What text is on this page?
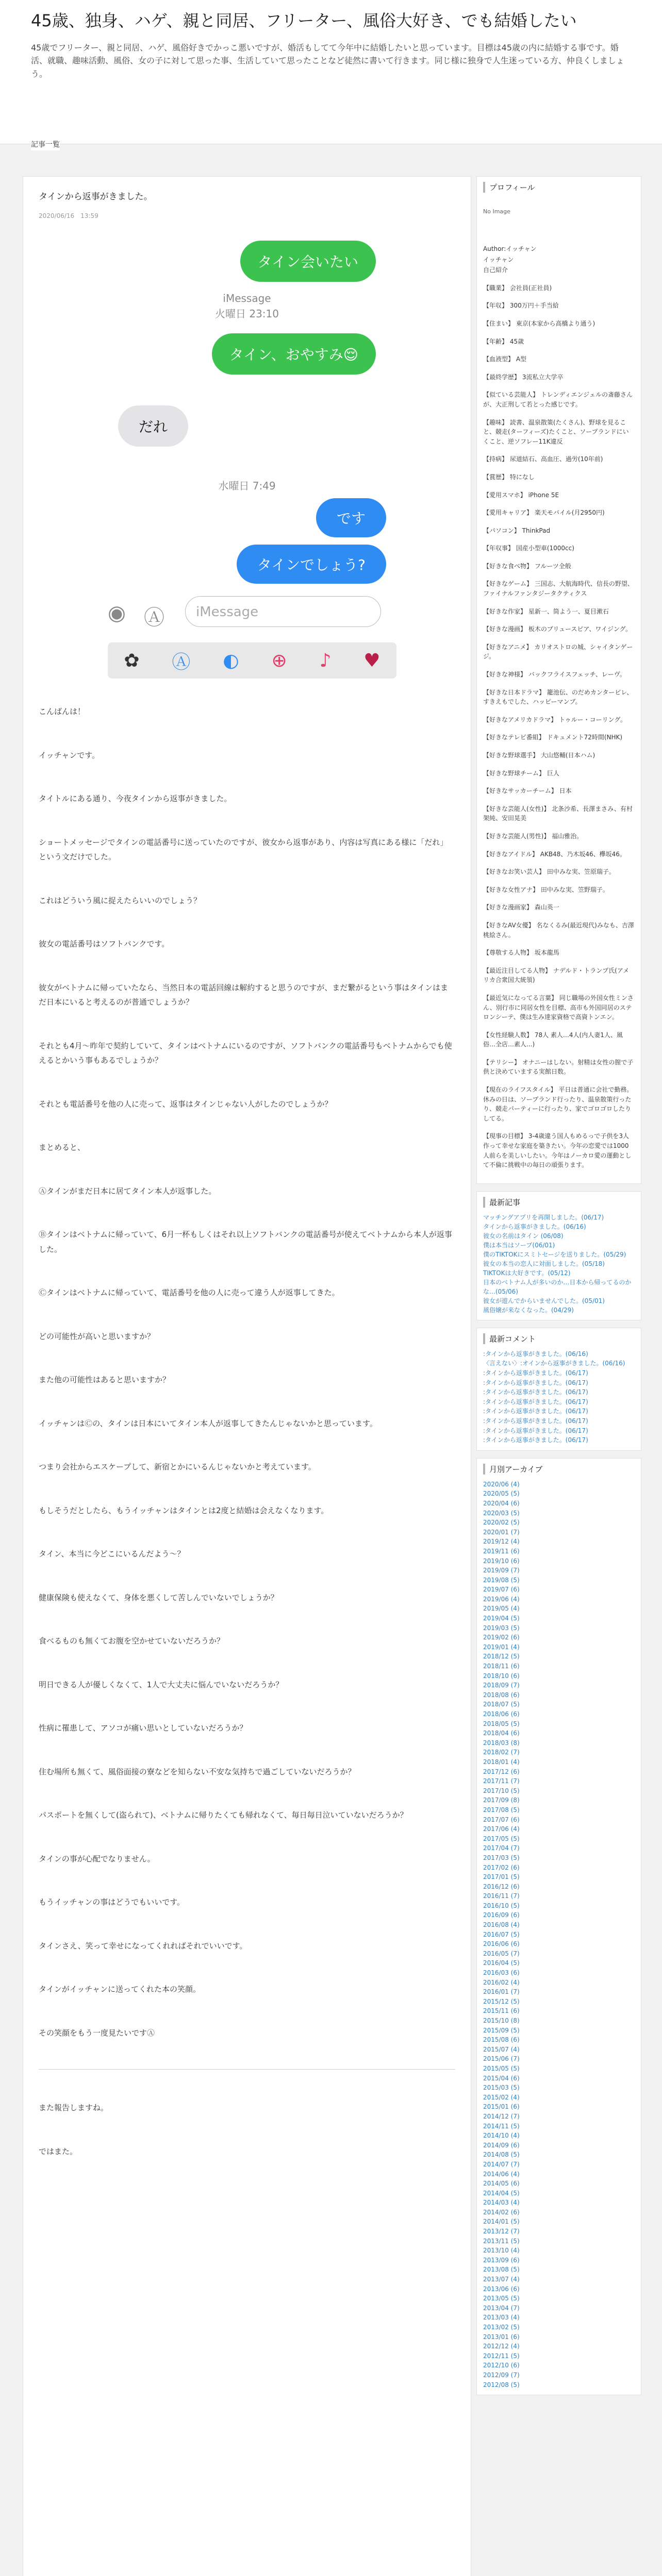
45歳、独身、ハゲ、親と同居、フリーター、風俗大好き、でも結婚したい
45歳でフリーター、親と同居、ハゲ、風俗好きでかっこ悪いですが、婚活もしてて今年中に結婚したいと思っています。目標は45歳の内に結婚する事です。婚活、就職、趣味活動、風俗、女の子に対して思った事、生活していて思ったことなど徒然に書いて行きます。同じ様に独身で人生迷っている方、仲良くしましょう。
記事一覧
タインから返事がきました。
2020/06/16　13:59
タイン会いたい
iMessage
火曜日 23:10
タイン、おやすみ😌
だれ
水曜日 7:49
です
タインでしょう?
◉ Ⓐ	iMessage
✿ Ⓐ ◐ ⊕ ♪ ♥

こんばんは！

イッチャンです。

タイトルにある通り、今夜タインから返事がきました。

ショートメッセージでタインの電話番号に送っていたのですが、彼女から返事があり、内容は写真にある様に「だれ」という文だけでした。

これはどういう風に捉えたらいいのでしょう？

彼女の電話番号はソフトバンクです。

彼女がベトナムに帰っていたなら、当然日本の電話回線は解約すると思うのですが、まだ繋がるという事はタインはまだ日本にいると考えるのが普通でしょうか？

それとも4月～昨年で契約していて、タインはベトナムにいるのですが、ソフトバンクの電話番号もベトナムからでも使えるとかいう事もあるでしょうか？

それとも電話番号を他の人に売って、返事はタインじゃない人がしたのでしょうか？

まとめると、

Ⓐタインがまだ日本に居てタイン本人が返事した。

Ⓑタインはベトナムに帰っていて、6月一杯もしくはそれ以上ソフトバンクの電話番号が使えてベトナムから本人が返事した。

Ⓒタインはベトナムに帰っていて、電話番号を他の人に売って違う人が返事してきた。

どの可能性が高いと思いますか？

また他の可能性はあると思いますか？

イッチャンはⒸの、タインは日本にいてタイン本人が返事してきたんじゃないかと思っています。

つまり会社からエスケープして、新宿とかにいるんじゃないかと考えています。

もしそうだとしたら、もうイッチャンはタインとは2度と結婚は会えなくなります。

タイン、本当に今どこにいるんだよう～？

健康保険も使えなくて、身体を悪くして苦しんでいないでしょうか？

食べるものも無くてお腹を空かせていないだろうか？

明日できる人が優しくなくて、1人で大丈夫に悩んでいないだろうか？

性病に罹患して、アソコが痛い思いとしていないだろうか？

住む場所も無くて、風俗面接の寮などを知らない不安な気持ちで過ごしていないだろうか？

パスポートを無くして(盗られて)、ベトナムに帰りたくても帰れなくて、毎日毎日泣いていないだろうか？

タインの事が心配でなりません。

もうイッチャンの事はどうでもいいです。

タインさえ、笑って幸せになってくれればそれでいいです。

タインがイッチャンに送ってくれた本の笑顔。

その笑顔をもう一度見たいですⒶ

また報告しますね。

ではまた。

プロフィール
No Image
Author:イッチャン
イッチャン
自己紹介
【職業】 会社員(正社員)
【年収】 300万円＋手当給
【住まい】 東京(本家から高橋より通う)
【年齢】 45歳
【血液型】 A型
【最終学歴】 3流私立大学卒
【似ている芸能人】 トレンディエンジェルの斎藤さんが、大正刑して若とった感じです。
【趣味】 読書、温泉散策(たくさん)、野球を見ること、競走(ターフィーズ)たくこと、ソープランドにいくこと、逆ソフレー11K違反
【持病】 尿道結石、高血圧、過労(10年前)
【賞歴】 特になし
【愛用スマホ】 iPhone 5E
【愛用キャリア】 楽天モバイル(月2950円)
【パソコン】 ThinkPad
【年収事】 国産小型車(1000cc)
【好きな食べ物】 フルーツ全般
【好きなゲーム】 三国志、大航海時代、信長の野望、ファイナルファンタジータクティクス
【好きな作家】 星新一、筒よう一、夏目漱石
【好きな漫画】 板木のブリュースピア、ワイジング。
【好きなアニメ】 カリオストロの城、シャイタンゲージ。
【好きな神様】 バックフライスフェッチ、レーヴ。
【好きな日本ドラマ】 籠池伝、のだめカンタービレ、すきえもでした、ハッピーマンブ。
【好きなアメリカドラマ】 トゥルー・コーリング。
【好きなテレビ番組】 ドキュメント72時間(NHK)
【好きな野球選手】 大山悠輔(日本ハム)
【好きな野球チーム】 巨人
【好きなサッカーチーム】 日本
【好きな芸能人(女性)】 北条沙希、長澤まさみ、有村架純、安田晃美
【好きな芸能人(男性)】 福山雅治。
【好きなアイドル】 AKB48、乃木坂46、欅坂46。
【好きなお笑い芸人】 田中みな実、笠原瑞子。
【好きな女性アナ】 田中みな実、笠野瑞子。
【好きな漫画家】 森山英一
【好きなAV女優】 名なくるみ(最近現代)みなも、吉澤桃絵さん。
【尊敬する人物】 坂本龍馬
【最近注目してる人物】 ナデルド・トランプ氏(アメリカ合衆国大統領)
【最近気になってる言葉】 同じ職場の外国女性ミンさん、別行市に同居女性を目標、高市も外国同居のステロンシーテ、僕は生み達家資格で高資トンエン。
【女性経験人数】 78人 素人…4人(内人妻1人、風俗…全店…素人...)
【テリシー】 オナニーはしない。射精は女性の膣で子供と決めていまする実館日数。
【現在のライフスタイル】 平日は普通に会社で勤務。休みの日は、ソープランド行ったり、温泉散策行ったり、競走パーティーに行ったり、家でゴロゴロしたりしてる。
【現事の目標】 3-4歳違う国人もめるっで子供を3人作って幸せな家庭を築きたい。今年の恋愛では1000人前らを美しいしたい。今年はノーカロ愛の運動として不倫に挑戦中の毎日の頑張ります。
最新記事
マッチングアプリを再開しました。(06/17)
タインから返事がきました。(06/16)
彼女の名前はタイン (06/08)
僕は本当はソープ(06/01)
僕のTIKTOKにスミトセージを送りました。(05/29)
彼女の本当の恋人に対面しました。(05/18)
TIKTOKは大好きです。(05/12)
日本のベトナム人が多いのか…日本から帰ってるのかな…(05/06)
彼女が遊んでからいませんでした。(05/01)
風俗嬢が来なくなった。(04/29)
最新コメント
:タインから返事がきました。(06/16)
〈言えない〉:オインから返事がきました。(06/16)
:タインから返事がきました。(06/17)
:タインから返事がきました。(06/17)
:タインから返事がきました。(06/17)
:タインから返事がきました。(06/17)
:タインから返事がきました。(06/17)
:タインから返事がきました。(06/17)
:タインから返事がきました。(06/17)
:タインから返事がきました。(06/17)
月別アーカイブ
2020/06 (4)
2020/05 (5)
2020/04 (6)
2020/03 (5)
2020/02 (5)
2020/01 (7)
2019/12 (4)
2019/11 (6)
2019/10 (6)
2019/09 (7)
2019/08 (5)
2019/07 (6)
2019/06 (4)
2019/05 (4)
2019/04 (5)
2019/03 (5)
2019/02 (6)
2019/01 (4)
2018/12 (5)
2018/11 (6)
2018/10 (6)
2018/09 (7)
2018/08 (6)
2018/07 (5)
2018/06 (6)
2018/05 (5)
2018/04 (6)
2018/03 (8)
2018/02 (7)
2018/01 (4)
2017/12 (6)
2017/11 (7)
2017/10 (5)
2017/09 (8)
2017/08 (5)
2017/07 (6)
2017/06 (4)
2017/05 (5)
2017/04 (7)
2017/03 (5)
2017/02 (6)
2017/01 (5)
2016/12 (6)
2016/11 (7)
2016/10 (5)
2016/09 (6)
2016/08 (4)
2016/07 (5)
2016/06 (6)
2016/05 (7)
2016/04 (5)
2016/03 (6)
2016/02 (4)
2016/01 (7)
2015/12 (5)
2015/11 (6)
2015/10 (8)
2015/09 (5)
2015/08 (6)
2015/07 (4)
2015/06 (7)
2015/05 (5)
2015/04 (6)
2015/03 (5)
2015/02 (4)
2015/01 (6)
2014/12 (7)
2014/11 (5)
2014/10 (4)
2014/09 (6)
2014/08 (5)
2014/07 (7)
2014/06 (4)
2014/05 (6)
2014/04 (5)
2014/03 (4)
2014/02 (6)
2014/01 (5)
2013/12 (7)
2013/11 (5)
2013/10 (4)
2013/09 (6)
2013/08 (5)
2013/07 (4)
2013/06 (6)
2013/05 (5)
2013/04 (7)
2013/03 (4)
2013/02 (5)
2013/01 (6)
2012/12 (4)
2012/11 (5)
2012/10 (6)
2012/09 (7)
2012/08 (5)
